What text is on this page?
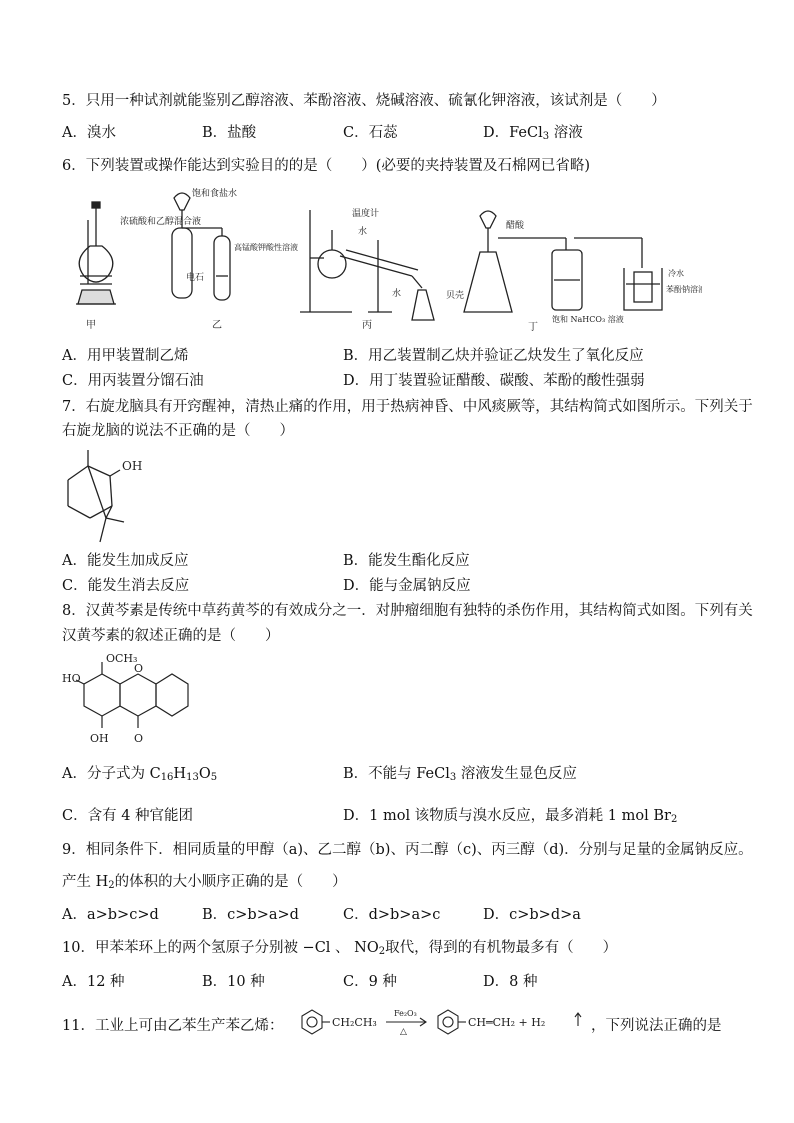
5．只用一种试剂就能鉴别乙醇溶液、苯酚溶液、烧碱溶液、硫氰化钾溶液，该试剂是（　　）
A．溴水	B．盐酸	C．石蕊	D．FeCl$_3$ 溶液
6．下列装置或操作能达到实验目的的是（　　）(必要的夹持装置及石棉网已省略)
浓硫酸和乙醇混合液
甲
饱和食盐水
电石
高锰酸钾酸性溶液
乙
温度计
水
水
丙
醋酸
贝壳
饱和 NaHCO₃ 溶液
冷水
苯酚钠溶液
丁
A．用甲装置制乙烯	B．用乙装置制乙炔并验证乙炔发生了氧化反应
C．用丙装置分馏石油	D．用丁装置验证醋酸、碳酸、苯酚的酸性强弱
7．右旋龙脑具有开窍醒神，清热止痛的作用，用于热病神昏、中风痰厥等，其结构简式如图所示。下列关于
右旋龙脑的说法不正确的是（　　）
OH
A．能发生加成反应	B．能发生酯化反应
C．能发生消去反应	D．能与金属钠反应
8．汉黄芩素是传统中草药黄芩的有效成分之一．对肿瘤细胞有独特的杀伤作用，其结构简式如图。下列有关
汉黄芩素的叙述正确的是（　　）
OCH₃
HO
O
OH O
A．分子式为 $C_{16}H_{13}O_5$	B．不能与 FeCl$_3$ 溶液发生显色反应
C．含有 4 种官能团	D．1 mol 该物质与溴水反应，最多消耗 1 mol $Br_2$
9．相同条件下．相同质量的甲醇（a)、乙二醇（b)、丙二醇（c)、丙三醇（d)．分别与足量的金属钠反应。
产生 $H_2$的体积的大小顺序正确的是（　　）
A．a>b>c>d	B．c>b>a>d	C．d>b>a>c	D．c>b>d>a
10．甲苯苯环上的两个氢原子分别被 −Cl 、 $NO_2$取代，得到的有机物最多有（　　）
A．12 种	B．10 种	C．9 种	D．8 种
11．工业上可由乙苯生产苯乙烯：	CH₂CH₃
Fe₂O₃
△
CH═CH₂ + H₂	，下列说法正确的是
